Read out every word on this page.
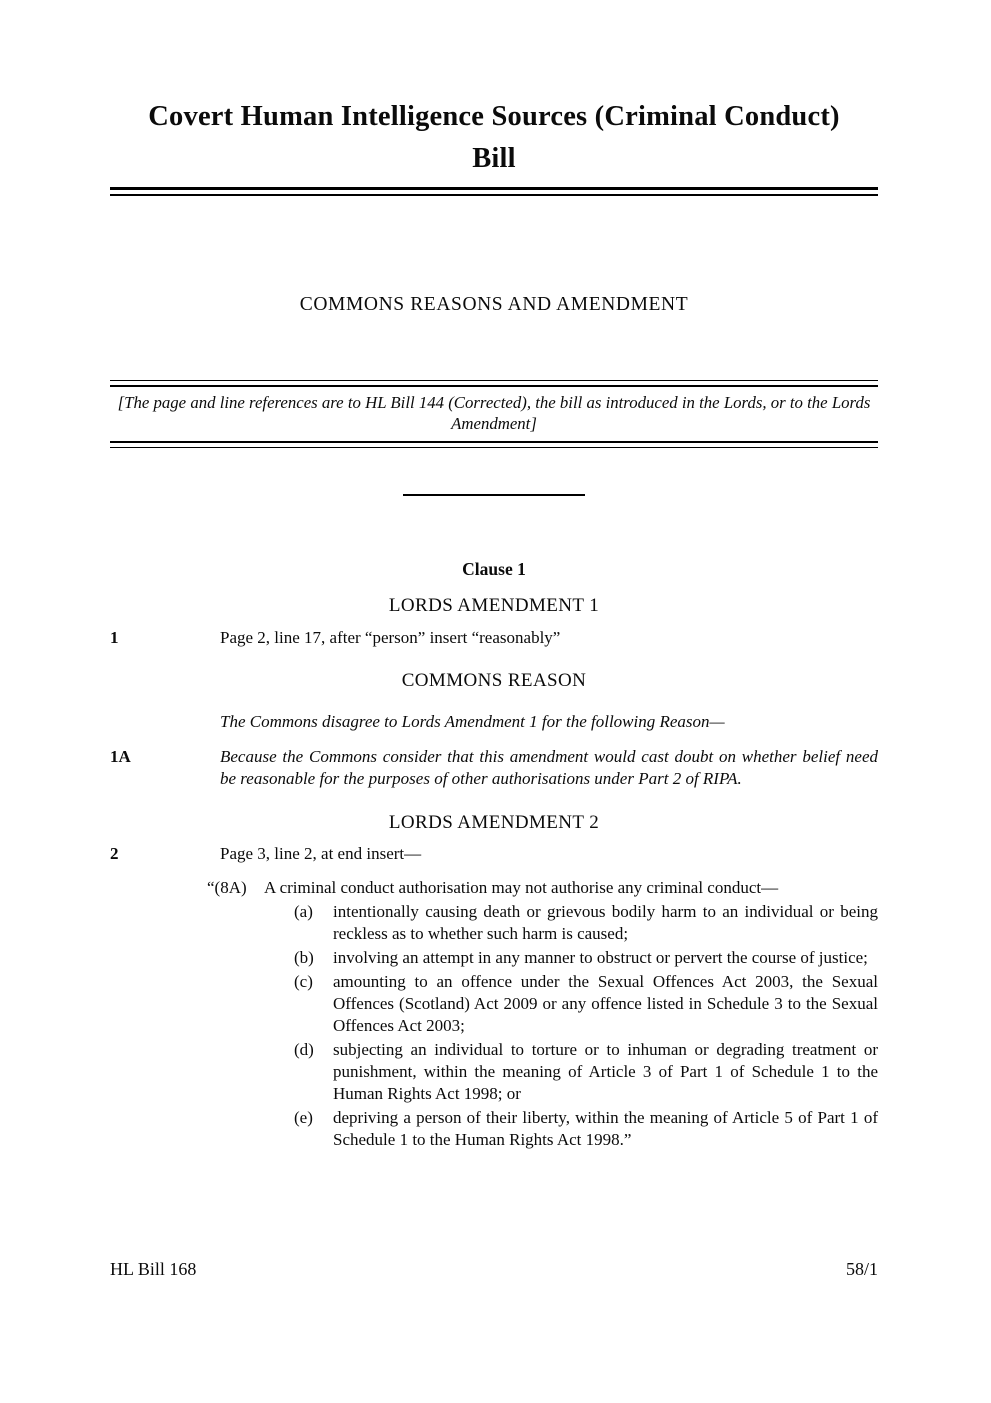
Covert Human Intelligence Sources (Criminal Conduct)
Bill
COMMONS REASONS AND AMENDMENT
[The page and line references are to HL Bill 144 (Corrected), the bill as introduced in the Lords, or to the Lords Amendment]
Clause 1
LORDS AMENDMENT 1
1	Page 2, line 17, after “person” insert “reasonably”
COMMONS REASON
The Commons disagree to Lords Amendment 1 for the following Reason—
1A	Because the Commons consider that this amendment would cast doubt on whether belief need be reasonable for the purposes of other authorisations under Part 2 of RIPA.
LORDS AMENDMENT 2
2	Page 3, line 2, at end insert—
“(8A)	A criminal conduct authorisation may not authorise any criminal conduct—
(a)	intentionally causing death or grievous bodily harm to an individual or being reckless as to whether such harm is caused;
(b)	involving an attempt in any manner to obstruct or pervert the course of justice;
(c)	amounting to an offence under the Sexual Offences Act 2003, the Sexual Offences (Scotland) Act 2009 or any offence listed in Schedule 3 to the Sexual Offences Act 2003;
(d)	subjecting an individual to torture or to inhuman or degrading treatment or punishment, within the meaning of Article 3 of Part 1 of Schedule 1 to the Human Rights Act 1998; or
(e)	depriving a person of their liberty, within the meaning of Article 5 of Part 1 of Schedule 1 to the Human Rights Act 1998.”
HL Bill 168	58/1
